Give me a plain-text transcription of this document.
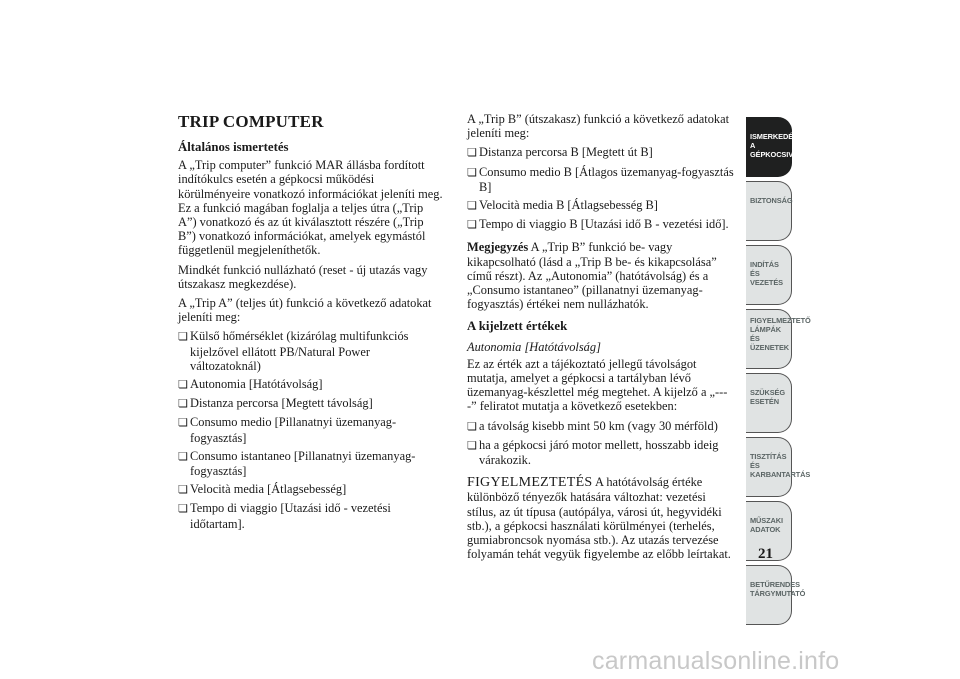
TRIP COMPUTER
Általános ismertetés
A „Trip computer” funkció MAR állásba fordított indítókulcs esetén a gépkocsi működési körülményeire vonatkozó információkat jeleníti meg. Ez a funkció magában foglalja a teljes útra („Trip A”) vonatkozó és az út kiválasztott részére („Trip B”) vonatkozó információkat, amelyek egymástól függetlenül megjeleníthetők.
Mindkét funkció nullázható (reset - új utazás vagy útszakasz megkezdése).
A „Trip A” (teljes út) funkció a következő adatokat jeleníti meg:
❏ Külső hőmérséklet (kizárólag multifunkciós kijelzővel ellátott PB/Natural Power változatoknál)
❏ Autonomia [Hatótávolság]
❏ Distanza percorsa [Megtett távolság]
❏ Consumo medio [Pillanatnyi üzemanyag-fogyasztás]
❏ Consumo istantaneo [Pillanatnyi üzemanyag-fogyasztás]
❏ Velocità media [Átlagsebesség]
❏ Tempo di viaggio [Utazási idő - vezetési időtartam].
A „Trip B” (útszakasz) funkció a következő adatokat jeleníti meg:
❏ Distanza percorsa B [Megtett út B]
❏ Consumo medio B [Átlagos üzemanyag-fogyasztás B]
❏ Velocità media B [Átlagsebesség B]
❏ Tempo di viaggio B [Utazási idő B - vezetési idő].
Megjegyzés A „Trip B” funkció be- vagy kikapcsolható (lásd a „Trip B be- és kikapcsolása” című részt). Az „Autonomia” (hatótávolság) és a „Consumo istantaneo” (pillanatnyi üzemanyag-fogyasztás) értékei nem nullázhatók.
A kijelzett értékek
Autonomia [Hatótávolság]
Ez az érték azt a tájékoztató jellegű távolságot mutatja, amelyet a gépkocsi a tartályban lévő üzemanyag-készlettel még megtehet. A kijelző a „----” feliratot mutatja a következő esetekben:
❏ a távolság kisebb mint 50 km (vagy 30 mérföld)
❏ ha a gépkocsi járó motor mellett, hosszabb ideig várakozik.
FIGYELMEZTETÉS A hatótávolság értéke különböző tényezők hatására változhat: vezetési stílus, az út típusa (autópálya, városi út, hegyvidéki stb.), a gépkocsi használati körülményei (terhelés, gumiabroncsok nyomása stb.). Az utazás tervezése folyamán tehát vegyük figyelembe az előbb leírtakat.
ISMERKEDÉS A GÉPKOCSIVAL
BIZTONSÁG
INDÍTÁS ÉS VEZETÉS
FIGYELMEZTETŐ LÁMPÁK ÉS ÜZENETEK
SZÜKSÉG ESETÉN
TISZTÍTÁS ÉS KARBANTARTÁS
MŰSZAKI ADATOK
BETŰRENDES TÁRGYMUTATÓ
21
carmanualsonline.info
